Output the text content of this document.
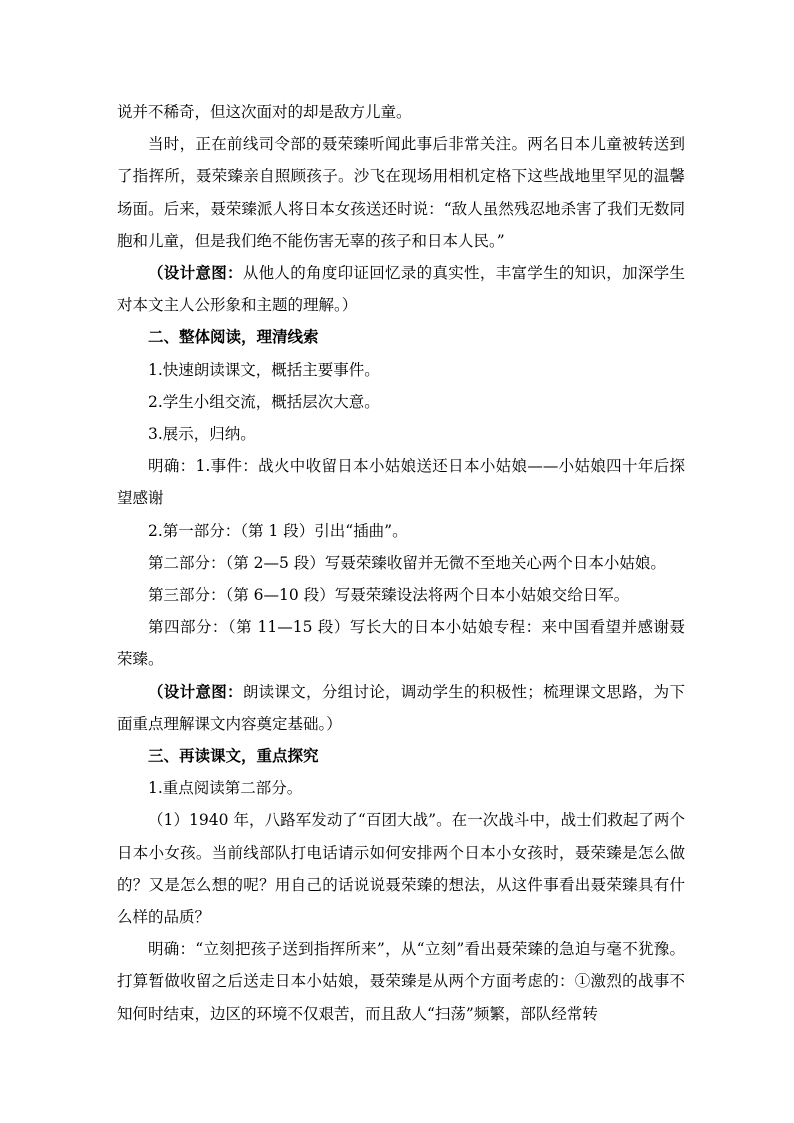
说并不稀奇，但这次面对的却是敌方儿童。

当时，正在前线司令部的聂荣臻听闻此事后非常关注。两名日本儿童被转送到了指挥所，聂荣臻亲自照顾孩子。沙飞在现场用相机定格下这些战地里罕见的温馨场面。后来，聂荣臻派人将日本女孩送还时说：“敌人虽然残忍地杀害了我们无数同胞和儿童，但是我们绝不能伤害无辜的孩子和日本人民。”

（设计意图：从他人的角度印证回忆录的真实性，丰富学生的知识，加深学生对本文主人公形象和主题的理解。）

二、整体阅读，理清线索

1.快速朗读课文，概括主要事件。

2.学生小组交流，概括层次大意。

3.展示，归纳。

明确：1.事件：战火中收留日本小姑娘送还日本小姑娘——小姑娘四十年后探望感谢

2.第一部分：（第 1 段）引出“插曲”。

第二部分：（第 2—5 段）写聂荣臻收留并无微不至地关心两个日本小姑娘。

第三部分：（第 6—10 段）写聂荣臻设法将两个日本小姑娘交给日军。

第四部分：（第 11—15 段）写长大的日本小姑娘专程：来中国看望并感谢聂荣臻。

（设计意图：朗读课文，分组讨论，调动学生的积极性；梳理课文思路，为下面重点理解课文内容奠定基础。）

三、再读课文，重点探究

1.重点阅读第二部分。

（1）1940 年，八路军发动了“百团大战”。在一次战斗中，战士们救起了两个日本小女孩。当前线部队打电话请示如何安排两个日本小女孩时，聂荣臻是怎么做的？又是怎么想的呢？用自己的话说说聂荣臻的想法，从这件事看出聂荣臻具有什么样的品质？

明确：“立刻把孩子送到指挥所来”，从“立刻”看出聂荣臻的急迫与毫不犹豫。打算暂做收留之后送走日本小姑娘，聂荣臻是从两个方面考虑的：①激烈的战事不知何时结束，边区的环境不仅艰苦，而且敌人“扫荡”频繁，部队经常转
